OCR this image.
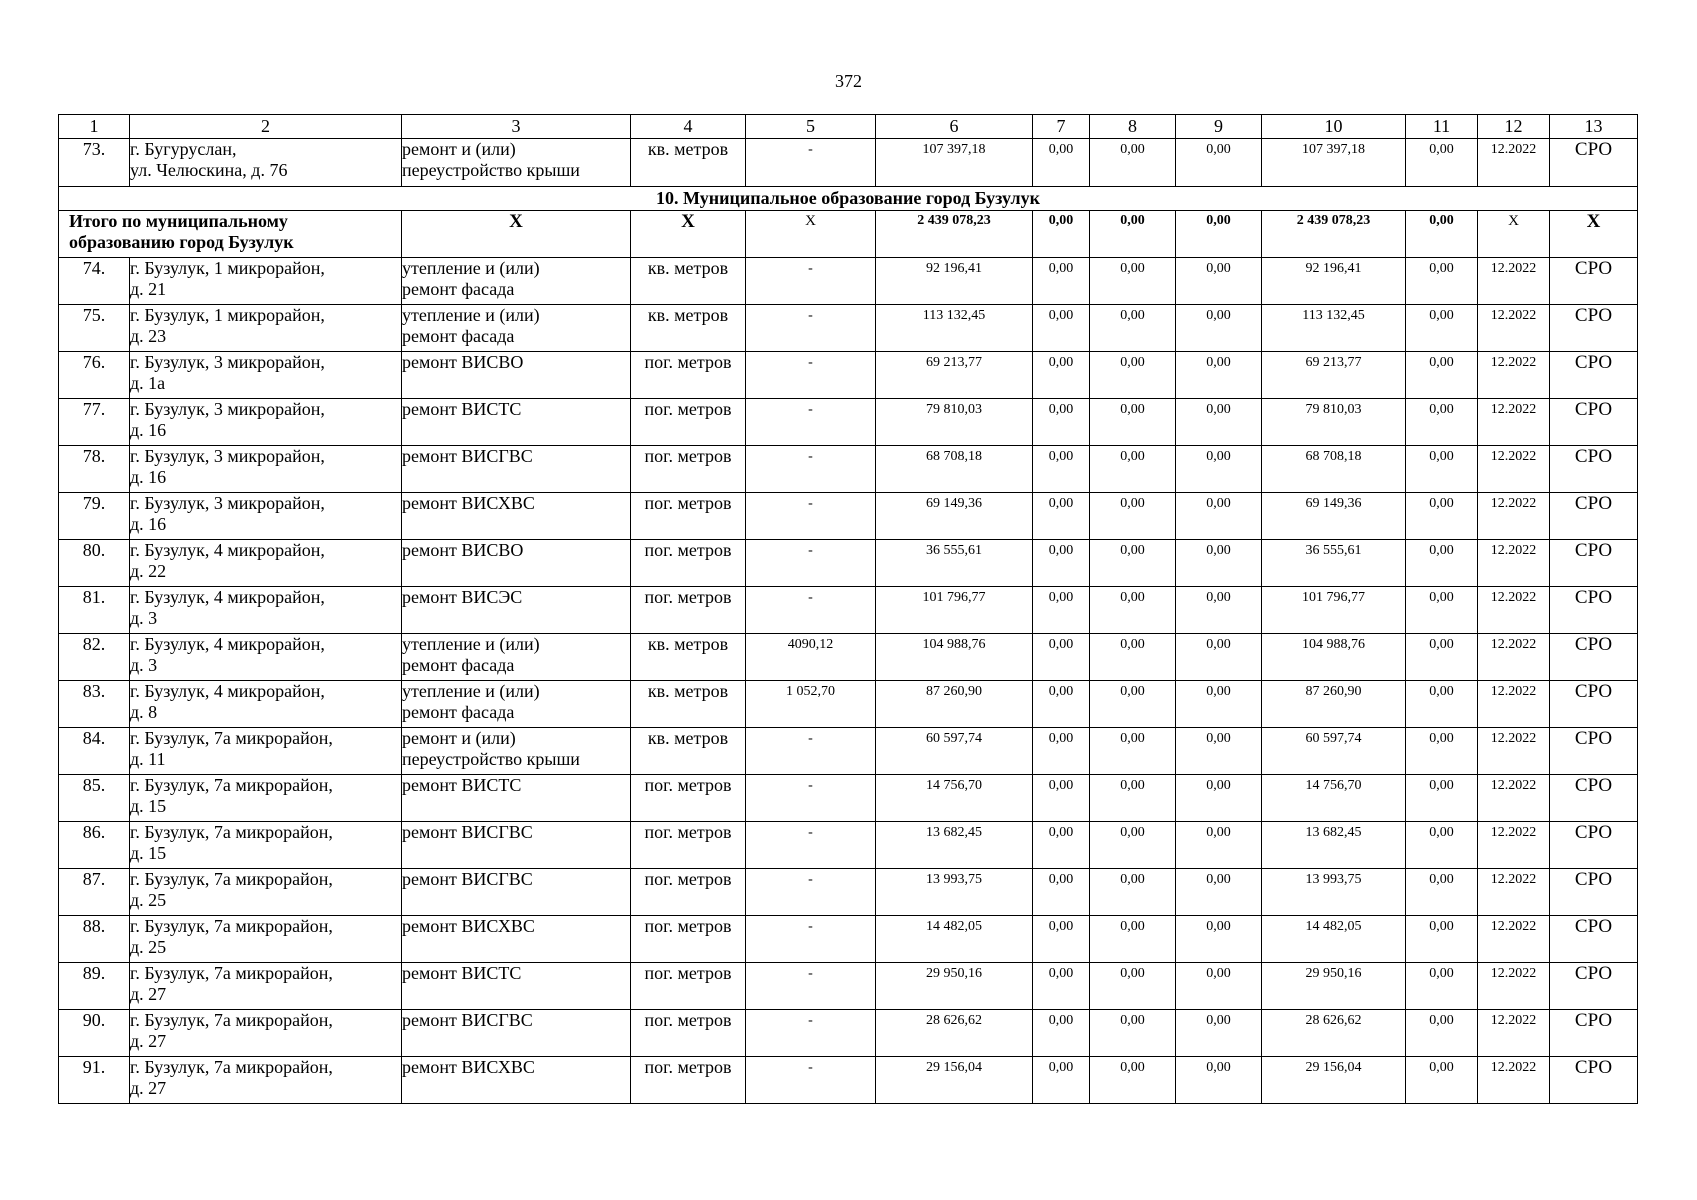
372
1	2	3	4	5	6	7	8	9	10	11	12	13
73.	г. Бугуруслан,
ул. Челюскина, д. 76	ремонт и (или)
переустройство крыши	кв. метров	-	107 397,18	0,00	0,00	0,00	107 397,18	0,00	12.2022	СРО
10. Муниципальное образование город Бузулук												

Итого по муниципальному
образованию город Бузулук		Х	Х	Х	2 439 078,23	0,00	0,00	0,00	2 439 078,23	0,00	Х	Х
74.	г. Бузулук, 1 микрорайон,
д. 21	утепление и (или)
ремонт фасада	кв. метров	-	92 196,41	0,00	0,00	0,00	92 196,41	0,00	12.2022	СРО
75.	г. Бузулук, 1 микрорайон,
д. 23	утепление и (или)
ремонт фасада	кв. метров	-	113 132,45	0,00	0,00	0,00	113 132,45	0,00	12.2022	СРО
76.	г. Бузулук, 3 микрорайон,
д. 1а	ремонт ВИСВО	пог. метров	-	69 213,77	0,00	0,00	0,00	69 213,77	0,00	12.2022	СРО
77.	г. Бузулук, 3 микрорайон,
д. 16	ремонт ВИСТС	пог. метров	-	79 810,03	0,00	0,00	0,00	79 810,03	0,00	12.2022	СРО
78.	г. Бузулук, 3 микрорайон,
д. 16	ремонт ВИСГВС	пог. метров	-	68 708,18	0,00	0,00	0,00	68 708,18	0,00	12.2022	СРО
79.	г. Бузулук, 3 микрорайон,
д. 16	ремонт ВИСХВС	пог. метров	-	69 149,36	0,00	0,00	0,00	69 149,36	0,00	12.2022	СРО
80.	г. Бузулук, 4 микрорайон,
д. 22	ремонт ВИСВО	пог. метров	-	36 555,61	0,00	0,00	0,00	36 555,61	0,00	12.2022	СРО
81.	г. Бузулук, 4 микрорайон,
д. 3	ремонт ВИСЭС	пог. метров	-	101 796,77	0,00	0,00	0,00	101 796,77	0,00	12.2022	СРО
82.	г. Бузулук, 4 микрорайон,
д. 3	утепление и (или)
ремонт фасада	кв. метров	4090,12	104 988,76	0,00	0,00	0,00	104 988,76	0,00	12.2022	СРО
83.	г. Бузулук, 4 микрорайон,
д. 8	утепление и (или)
ремонт фасада	кв. метров	1 052,70	87 260,90	0,00	0,00	0,00	87 260,90	0,00	12.2022	СРО
84.	г. Бузулук, 7а микрорайон,
д. 11	ремонт и (или)
переустройство крыши	кв. метров	-	60 597,74	0,00	0,00	0,00	60 597,74	0,00	12.2022	СРО
85.	г. Бузулук, 7а микрорайон,
д. 15	ремонт ВИСТС	пог. метров	-	14 756,70	0,00	0,00	0,00	14 756,70	0,00	12.2022	СРО
86.	г. Бузулук, 7а микрорайон,
д. 15	ремонт ВИСГВС	пог. метров	-	13 682,45	0,00	0,00	0,00	13 682,45	0,00	12.2022	СРО
87.	г. Бузулук, 7а микрорайон,
д. 25	ремонт ВИСГВС	пог. метров	-	13 993,75	0,00	0,00	0,00	13 993,75	0,00	12.2022	СРО
88.	г. Бузулук, 7а микрорайон,
д. 25	ремонт ВИСХВС	пог. метров	-	14 482,05	0,00	0,00	0,00	14 482,05	0,00	12.2022	СРО
89.	г. Бузулук, 7а микрорайон,
д. 27	ремонт ВИСТС	пог. метров	-	29 950,16	0,00	0,00	0,00	29 950,16	0,00	12.2022	СРО
90.	г. Бузулук, 7а микрорайон,
д. 27	ремонт ВИСГВС	пог. метров	-	28 626,62	0,00	0,00	0,00	28 626,62	0,00	12.2022	СРО
91.	г. Бузулук, 7а микрорайон,
д. 27	ремонт ВИСХВС	пог. метров	-	29 156,04	0,00	0,00	0,00	29 156,04	0,00	12.2022	СРО
